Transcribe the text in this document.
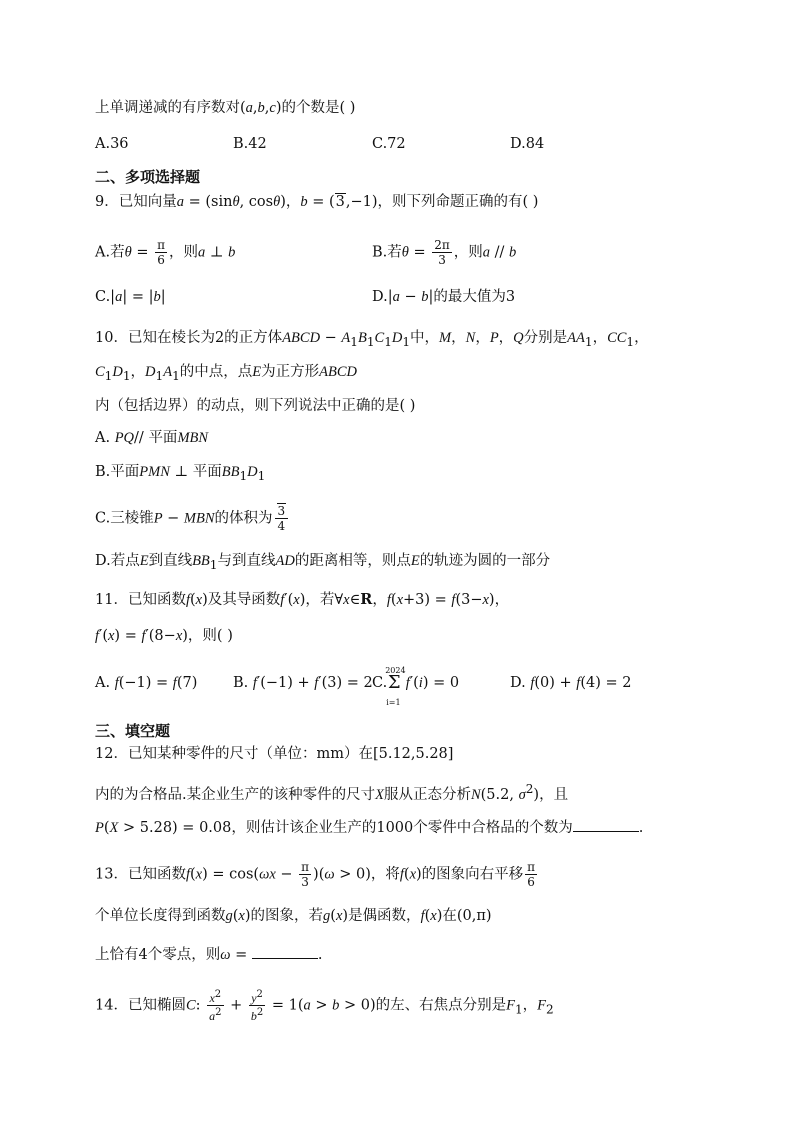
上单调递减的有序数对(a,b,c)的个数是( )
A.36	B.42	C.72	D.84
二、多项选择题
9．已知向量a = (sinθ, cosθ)，b = (3,−1)，则下列命题正确的有( )
A.若$\theta = \frac{\pi}{6}$ ，则a ⊥ b	B.若$\theta = \frac{2\pi}{3}$ ，则a // b
C.|a| = |b|	D.|a − b|的最大值为3
10．已知在棱长为2的正方体ABCD − $A_1B_1C_1D_1$中，M，N，P，Q分别是$AA_1$，$CC_1$，
$C_1D_1$，$D_1A_1$的中点，点E为正方形ABCD
内（包括边界）的动点，则下列说法中正确的是( )
A. PQ// 平面MBN
B.平面PMN ⊥ 平面$BB_1D_1$
C.三棱锥P − MBN的体积为 $\frac{3}{4}$
D.若点E到直线$BB_1$与到直线AD的距离相等，则点E的轨迹为圆的一部分
11．已知函数f(x)及其导函数f′(x)，若∀x∈R，f(x+3) = f(3−x)，
f′(x) = f′(8−x)，则( )
A. f(−1) = f(7) B. f′(−1) + f′(3) = 2 C.Σ
2024
i=1
f′(i) = 0	D. f(0) + f(4) = 2
三、填空题
12．已知某种零件的尺寸（单位：mm）在[5.12,5.28]
内的为合格品.某企业生产的该种零件的尺寸X服从正态分析N(5.2, $\sigma^2$)，且
P(X > 5.28) = 0.08，则估计该企业生产的1000个零件中合格品的个数为	.
13．已知函数$f(x) = \cos(\omega x - \frac{\pi}{3} )(\omega > 0)$，将f(x)的图象向右平移 $\frac{\pi}{6}$
个单位长度得到函数g(x)的图象，若g(x)是偶函数，f(x)在(0,π)
上恰有4个零点，则ω =	.
14．已知椭圆C: $\frac{x^2}{a^2} + \frac{y^2}{b^2} = 1(a > b > 0)$的左、右焦点分别是$F_1$，$F_2$
